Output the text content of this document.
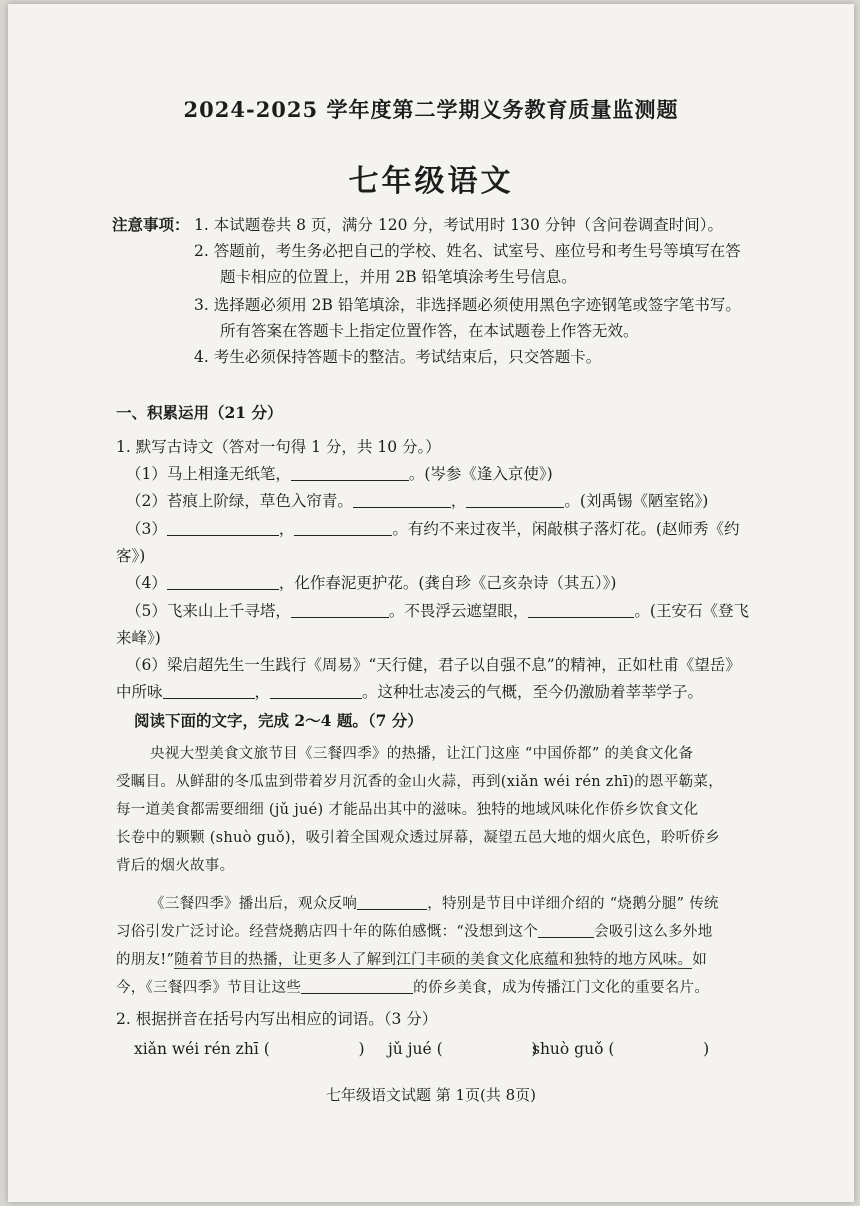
2024-2025 学年度第二学期义务教育质量监测题
七年级语文
注意事项： 1. 本试题卷共 8 页，满分 120 分，考试用时 130 分钟（含问卷调查时间）。
2. 答题前，考生务必把自己的学校、姓名、试室号、座位号和考生号等填写在答
题卡相应的位置上，并用 2B 铅笔填涂考生号信息。
3. 选择题必须用 2B 铅笔填涂，非选择题必须使用黑色字迹钢笔或签字笔书写。
所有答案在答题卡上指定位置作答，在本试题卷上作答无效。
4. 考生必须保持答题卡的整洁。考试结束后，只交答题卡。
一、积累运用（21 分）
1. 默写古诗文（答对一句得 1 分，共 10 分。）
（1）马上相逢无纸笔，	。(岑参《逢入京使》)
（2）苔痕上阶绿，草色入帘青。	，	。(刘禹锡《陋室铭》)
（3）	，	。有约不来过夜半，闲敲棋子落灯花。(赵师秀《约
客》)
（4）	，化作春泥更护花。(龚自珍《己亥杂诗（其五）》)
（5）飞来山上千寻塔，	。不畏浮云遮望眼，	。(王安石《登飞
来峰》)
（6）梁启超先生一生践行《周易》“天行健，君子以自强不息”的精神，正如杜甫《望岳》
中所咏	，	。这种壮志凌云的气概，至今仍激励着莘莘学子。
阅读下面的文字，完成 2～4 题。（7 分）
央视大型美食文旅节目《三餐四季》的热播，让江门这座 “中国侨都” 的美食文化备
受瞩目。从鲜甜的冬瓜盅到带着岁月沉香的金山火蒜，再到(xiǎn wéi rén zhī)的恩平簕菜，
每一道美食都需要细细 (jǔ jué) 才能品出其中的滋味。独特的地域风味化作侨乡饮食文化
长卷中的颗颗 (shuò guǒ)，吸引着全国观众透过屏幕，凝望五邑大地的烟火底色，聆听侨乡
背后的烟火故事。
《三餐四季》播出后，观众反响	，特别是节目中详细介绍的 “烧鹅分腿” 传统
习俗引发广泛讨论。经营烧鹅店四十年的陈伯感慨：“没想到这个	会吸引这么多外地
的朋友!”随着节目的热播，让更多人了解到江门丰硕的美食文化底蕴和独特的地方风味。如
今，《三餐四季》节目让这些	的侨乡美食，成为传播江门文化的重要名片。
2. 根据拼音在括号内写出相应的词语。（3 分）
xiǎn wéi rén zhī (                  ) jǔ jué (                  )
shuò guǒ (                  )
七年级语文试题 第 1页(共 8页)
